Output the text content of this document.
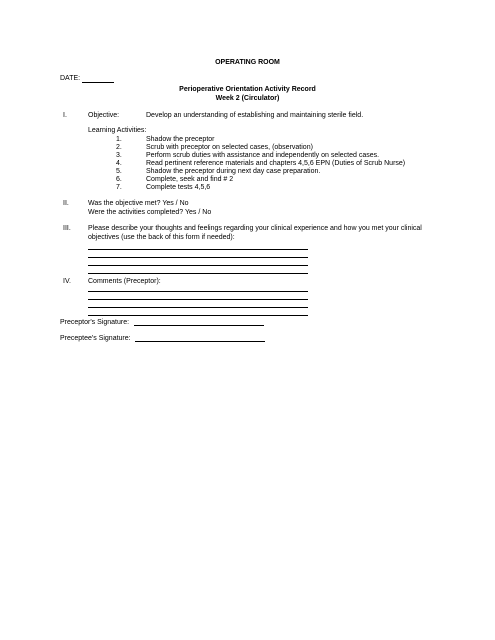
OPERATING ROOM
DATE:
Perioperative Orientation Activity Record
Week 2 (Circulator)
I.	Objective:	Develop an understanding of establishing and maintaining sterile field.
Learning Activities:
1.	Shadow the preceptor
2.	Scrub with preceptor on selected cases, (observation)
3.	Perform scrub duties with assistance and independently on selected cases.
4.	Read pertinent reference materials and chapters 4,5,6 EPN (Duties of Scrub Nurse)
5.	Shadow the preceptor during next day case preparation.
6.	Complete, seek and find # 2
7.	Complete tests 4,5,6
II.	Was the objective met? Yes / No
Were the activities completed? Yes / No
III. Please describe your thoughts and feelings regarding your clinical experience and how you met your clinical
objectives (use the back of this form if needed):
IV. Comments (Preceptor):
Preceptor's Signature:
Preceptee's Signature:
